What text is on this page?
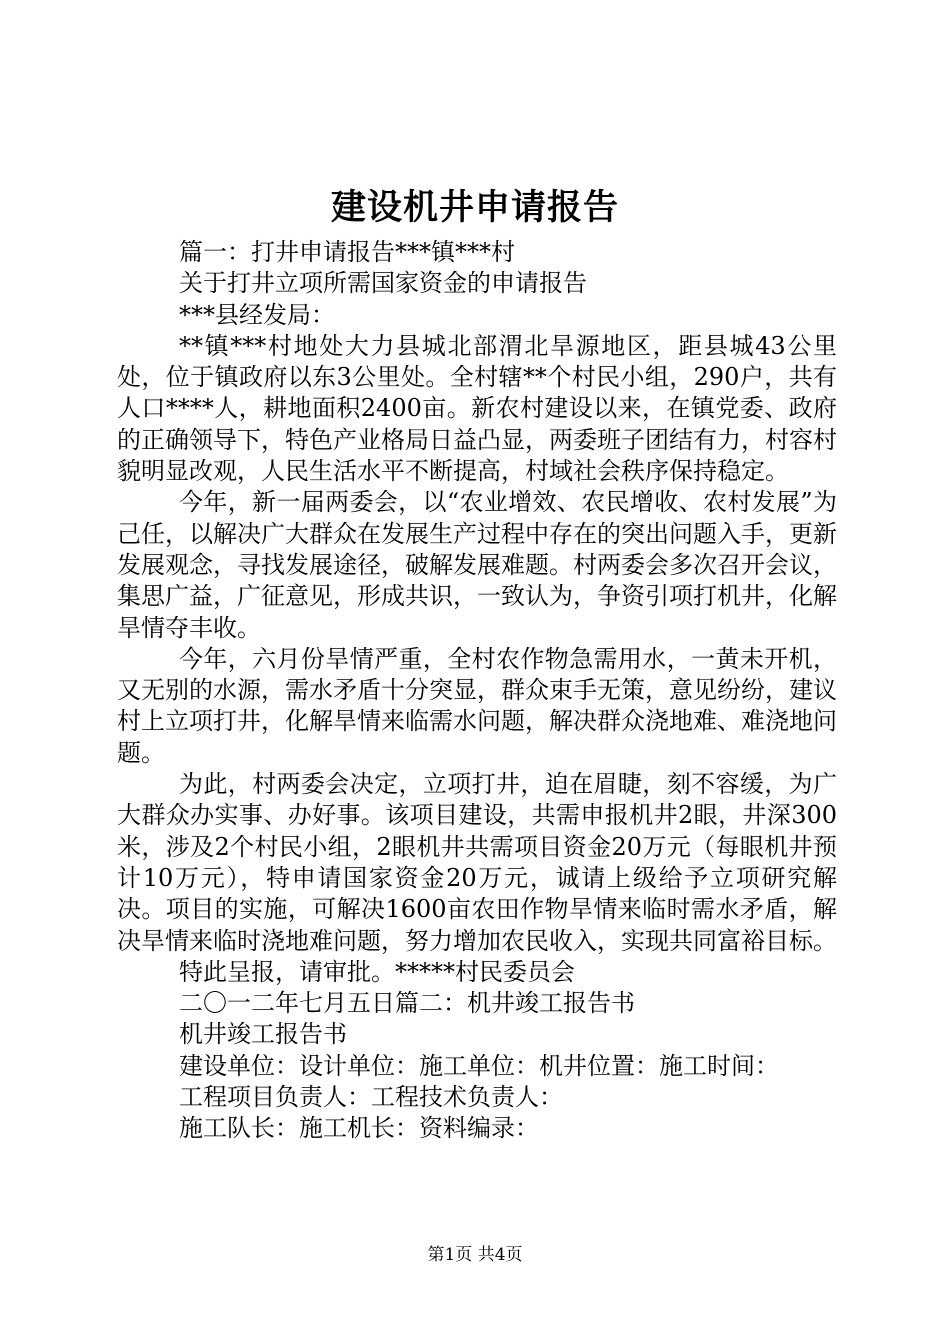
建设机井申请报告

篇一：打井申请报告***镇***村

关于打井立项所需国家资金的申请报告

***县经发局：

**镇***村地处大力县城北部渭北旱源地区，距县城43公里处，位于镇政府以东3公里处。全村辖**个村民小组，290户，共有人口****人，耕地面积2400亩。新农村建设以来，在镇党委、政府的正确领导下，特色产业格局日益凸显，两委班子团结有力，村容村貌明显改观，人民生活水平不断提高，村域社会秩序保持稳定。

今年，新一届两委会，以“农业增效、农民增收、农村发展”为己任，以解决广大群众在发展生产过程中存在的突出问题入手，更新发展观念，寻找发展途径，破解发展难题。村两委会多次召开会议，集思广益，广征意见，形成共识，一致认为，争资引项打机井，化解旱情夺丰收。

今年，六月份旱情严重，全村农作物急需用水，一黄未开机，又无别的水源，需水矛盾十分突显，群众束手无策，意见纷纷，建议村上立项打井，化解旱情来临需水问题，解决群众浇地难、难浇地问题。

为此，村两委会决定，立项打井，迫在眉睫，刻不容缓，为广大群众办实事、办好事。该项目建设，共需申报机井2眼，井深300米，涉及2个村民小组，2眼机井共需项目资金20万元（每眼机井预计10万元），特申请国家资金20万元，诚请上级给予立项研究解决。项目的实施，可解决1600亩农田作物旱情来临时需水矛盾，解决旱情来临时浇地难问题，努力增加农民收入，实现共同富裕目标。

特此呈报，请审批。*****村民委员会

二〇一二年七月五日篇二：机井竣工报告书

机井竣工报告书

建设单位：设计单位：施工单位：机井位置：施工时间：

工程项目负责人：工程技术负责人：

施工队长：施工机长：资料编录：

第1页 共4页
